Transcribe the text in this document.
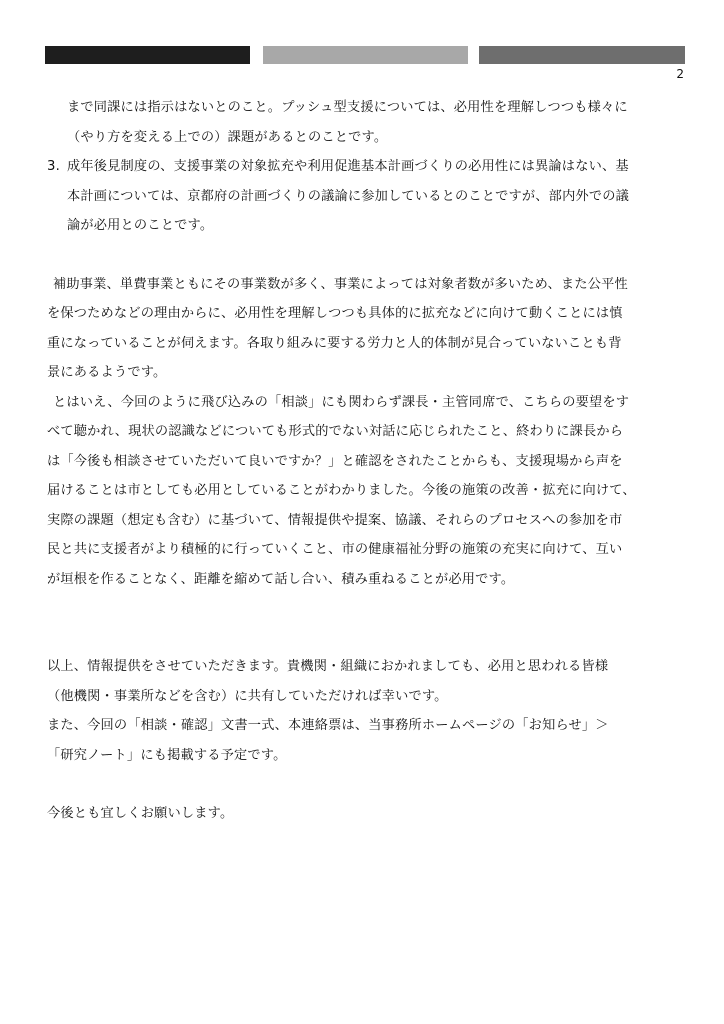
2
まで同課には指示はないとのこと。プッシュ型支援については、必用性を理解しつつも様々に
（やり方を変える上での）課題があるとのことです。
3. 成年後見制度の、支援事業の対象拡充や利用促進基本計画づくりの必用性には異論はない、基
本計画については、京都府の計画づくりの議論に参加しているとのことですが、部内外での議
論が必用とのことです。
補助事業、単費事業ともにその事業数が多く、事業によっては対象者数が多いため、また公平性
を保つためなどの理由からに、必用性を理解しつつも具体的に拡充などに向けて動くことには慎
重になっていることが伺えます。各取り組みに要する労力と人的体制が見合っていないことも背
景にあるようです。
とはいえ、今回のように飛び込みの「相談」にも関わらず課長・主管同席で、こちらの要望をす
べて聴かれ、現状の認識などについても形式的でない対話に応じられたこと、終わりに課長から
は「今後も相談させていただいて良いですか？」と確認をされたことからも、支援現場から声を
届けることは市としても必用としていることがわかりました。今後の施策の改善・拡充に向けて、
実際の課題（想定も含む）に基づいて、情報提供や提案、協議、それらのプロセスへの参加を市
民と共に支援者がより積極的に行っていくこと、市の健康福祉分野の施策の充実に向けて、互い
が垣根を作ることなく、距離を縮めて話し合い、積み重ねることが必用です。
以上、情報提供をさせていただきます。貴機関・組織におかれましても、必用と思われる皆様
（他機関・事業所などを含む）に共有していただければ幸いです。
また、今回の「相談・確認」文書一式、本連絡票は、当事務所ホームページの「お知らせ」＞
「研究ノート」にも掲載する予定です。
今後とも宜しくお願いします。
